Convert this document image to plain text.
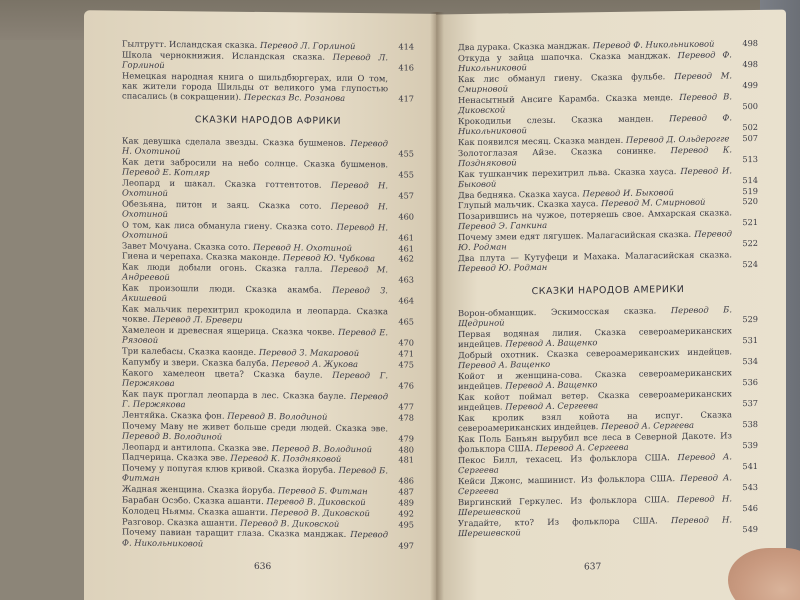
Гылтрутт. Исландская сказка. Перевод Л. Горлиной	414
Школа чернокнижия. Исландская сказка. Перевод Л. Горлиной	416
Немецкая народная книга о шильдбюргерах, или О том, как жители города Шильды от великого ума глупостью спасались (в сокращении). Пересказ Вс. Розанова	417
СКАЗКИ НАРОДОВ АФРИКИ
Как девушка сделала звезды. Сказка бушменов. Перевод Н. Охотиной	455
Как дети забросили на небо солнце. Сказка бушменов. Перевод Е. Котляр	455
Леопард и шакал. Сказка готтентотов. Перевод Н. Охотиной	457
Обезьяна, питон и заяц. Сказка сото. Перевод Н. Охотиной	460
О том, как лиса обманула гиену. Сказка сото. Перевод Н. Охотиной	461
Завет Мочуана. Сказка сото. Перевод Н. Охотиной	461
Гиена и черепаха. Сказка маконде. Перевод Ю. Чубкова	462
Как люди добыли огонь. Сказка галла. Перевод М. Андреевой	463
Как произошли люди. Сказка акамба. Перевод З. Акишевой	464
Как мальчик перехитрил крокодила и леопарда. Сказка чокве. Перевод Л. Бревери	465
Хамелеон и древесная ящерица. Сказка чокве. Перевод Е. Рязовой	470
Три калебасы. Сказка каонде. Перевод З. Макаровой	471
Капумбу и звери. Сказка балуба. Перевод А. Жукова	475
Какого хамелеон цвета? Сказка бауле. Перевод Г. Пержякова	476
Как паук проглал леопарда в лес. Сказка бауле. Перевод Г. Пержякова	477
Лентяйка. Сказка фон. Перевод В. Володиной	478
Почему Маву не живет больше среди людей. Сказка эве. Перевод В. Володиной	479
Леопард и антилопа. Сказка эве. Перевод В. Володиной	480
Падчерица. Сказка эве. Перевод К. Поздняковой	481
Почему у попугая клюв кривой. Сказка йоруба. Перевод Б. Фитман	486
Жадная женщина. Сказка йоруба. Перевод Б. Фитман	487
Барабан Осэбо. Сказка ашанти. Перевод В. Диковской	489
Колодец Ньямы. Сказка ашанти. Перевод В. Диковской	492
Разговор. Сказка ашанти. Перевод В. Диковской	495
Почему павиан таращит глаза. Сказка манджак. Перевод Ф. Никольниковой	497
636
Два дурака. Сказка манджак. Перевод Ф. Никольниковой	498
Откуда у зайца шапочка. Сказка манджак. Перевод Ф. Никольниковой	498
Как лис обманул гиену. Сказка фульбе. Перевод М. Смирновой	499
Ненасытный Ансиге Карамба. Сказка менде. Перевод В. Диковской	500
Крокодильи слезы. Сказка манден. Перевод Ф. Никольниковой	502
Как появился месяц. Сказка манден. Перевод Д. Ольдерогге 507
Золотоглазая Айзе. Сказка сонинке. Перевод К. Поздняковой	513
Как тушканчик перехитрил льва. Сказка хауса. Перевод И. Быковой	514
Два бедняка. Сказка хауса. Перевод И. Быковой	519
Глупый мальчик. Сказка хауса. Перевод М. Смирновой	520
Позарившись на чужое, потеряешь свое. Амхарская сказка. Перевод Э. Ганкина	521
Почему змеи едят лягушек. Малагасийская сказка. Перевод Ю. Родман	522
Два плута — Кутуфеци и Махака. Малагасийская сказка. Перевод Ю. Родман	524
СКАЗКИ НАРОДОВ АМЕРИКИ
Ворон-обманщик. Эскимосская сказка. Перевод Б. Щедриной	529
Первая водяная лилия. Сказка североамериканских индейцев. Перевод А. Ващенко	531
Добрый охотник. Сказка североамериканских индейцев. Перевод А. Ващенко	534
Койот и женщина-сова. Сказка североамериканских индейцев. Перевод А. Ващенко	536
Как койот поймал ветер. Сказка североамериканских индейцев. Перевод А. Сергеева	537
Как кролик взял койота на испуг. Сказка североамериканских индейцев. Перевод А. Сергеева	538
Как Поль Баньян вырубил все леса в Северной Дакоте. Из фольклора США. Перевод А. Сергеева	539
Пекос Билл, техасец. Из фольклора США. Перевод А. Сергеева	541
Кейси Джонс, машинист. Из фольклора США. Перевод А. Сергеева	543
Виргинский Геркулес. Из фольклора США. Перевод Н. Шерешевской	546
Угадайте, кто? Из фольклора США. Перевод Н. Шерешевской	549
637
